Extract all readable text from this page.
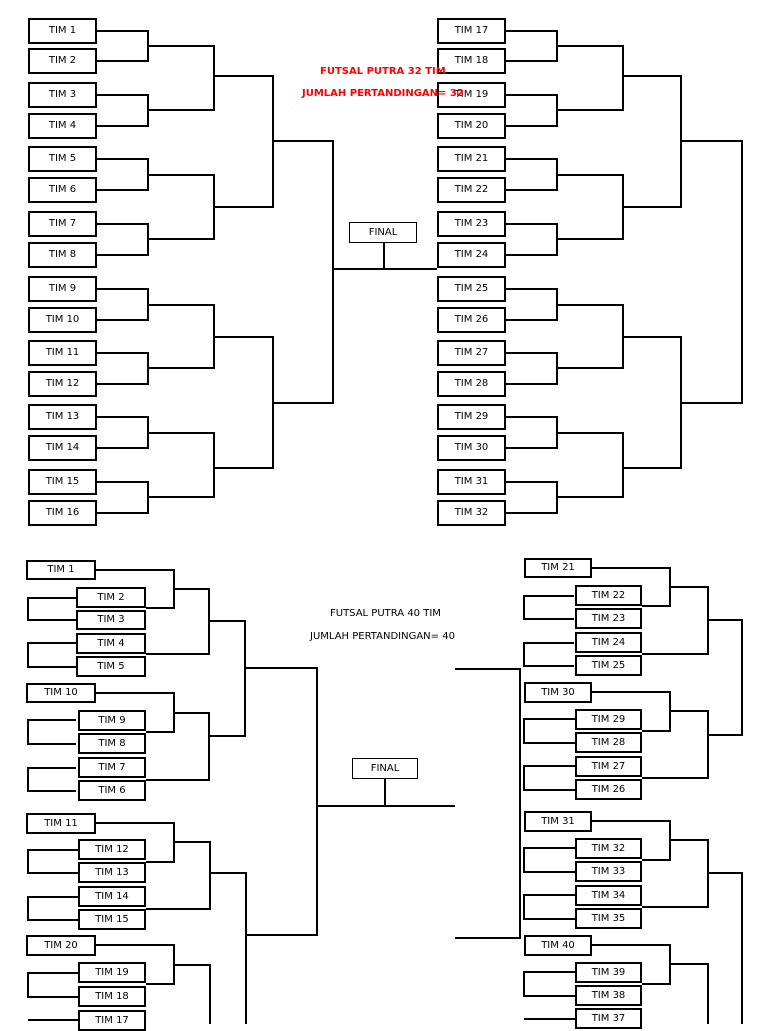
TIM 1
TIM 2
TIM 3
TIM 4
TIM 5
TIM 6
TIM 7
TIM 8
TIM 9
TIM 10
TIM 11
TIM 12
TIM 13
TIM 14
TIM 15
TIM 16
TIM 17
TIM 18
TIM 19
TIM 20
TIM 21
TIM 22
TIM 23
TIM 24
TIM 25
TIM 26
TIM 27
TIM 28
TIM 29
TIM 30
TIM 31
TIM 32
FUTSAL PUTRA 32 TIM
JUMLAH PERTANDINGAN= 32
FINAL
TIM 1
TIM 2
TIM 3
TIM 4
TIM 5
TIM 10
TIM 9
TIM 8
TIM 7
TIM 6
TIM 11
TIM 12
TIM 13
TIM 14
TIM 15
TIM 20
TIM 19
TIM 18
TIM 17
TIM 21
TIM 22
TIM 23
TIM 24
TIM 25
TIM 30
TIM 29
TIM 28
TIM 27
TIM 26
TIM 31
TIM 32
TIM 33
TIM 34
TIM 35
TIM 40
TIM 39
TIM 38
TIM 37
FUTSAL PUTRA 40 TIM
JUMLAH PERTANDINGAN= 40
FINAL
